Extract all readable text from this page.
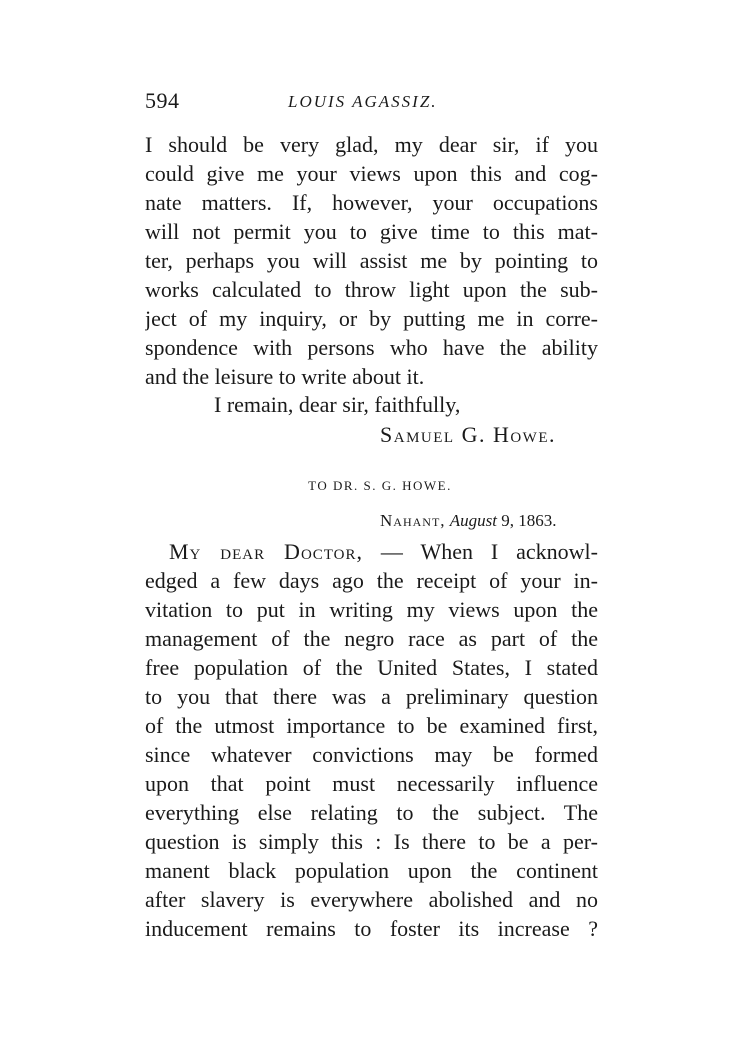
594	LOUIS AGASSIZ.
I should be very glad, my dear sir, if you
could give me your views upon this and cog-
nate matters. If, however, your occupations
will not permit you to give time to this mat-
ter, perhaps you will assist me by pointing to
works calculated to throw light upon the sub-
ject of my inquiry, or by putting me in corre-
spondence with persons who have the ability
and the leisure to write about it.
I remain, dear sir, faithfully,
Samuel G. Howe.
TO DR. S. G. HOWE.
Nahant, August 9, 1863.
My dear Doctor, — When I acknowl-
edged a few days ago the receipt of your in-
vitation to put in writing my views upon the
management of the negro race as part of the
free population of the United States, I stated
to you that there was a preliminary question
of the utmost importance to be examined first,
since whatever convictions may be formed
upon that point must necessarily influence
everything else relating to the subject. The
question is simply this : Is there to be a per-
manent black population upon the continent
after slavery is everywhere abolished and no
inducement remains to foster its increase ?
